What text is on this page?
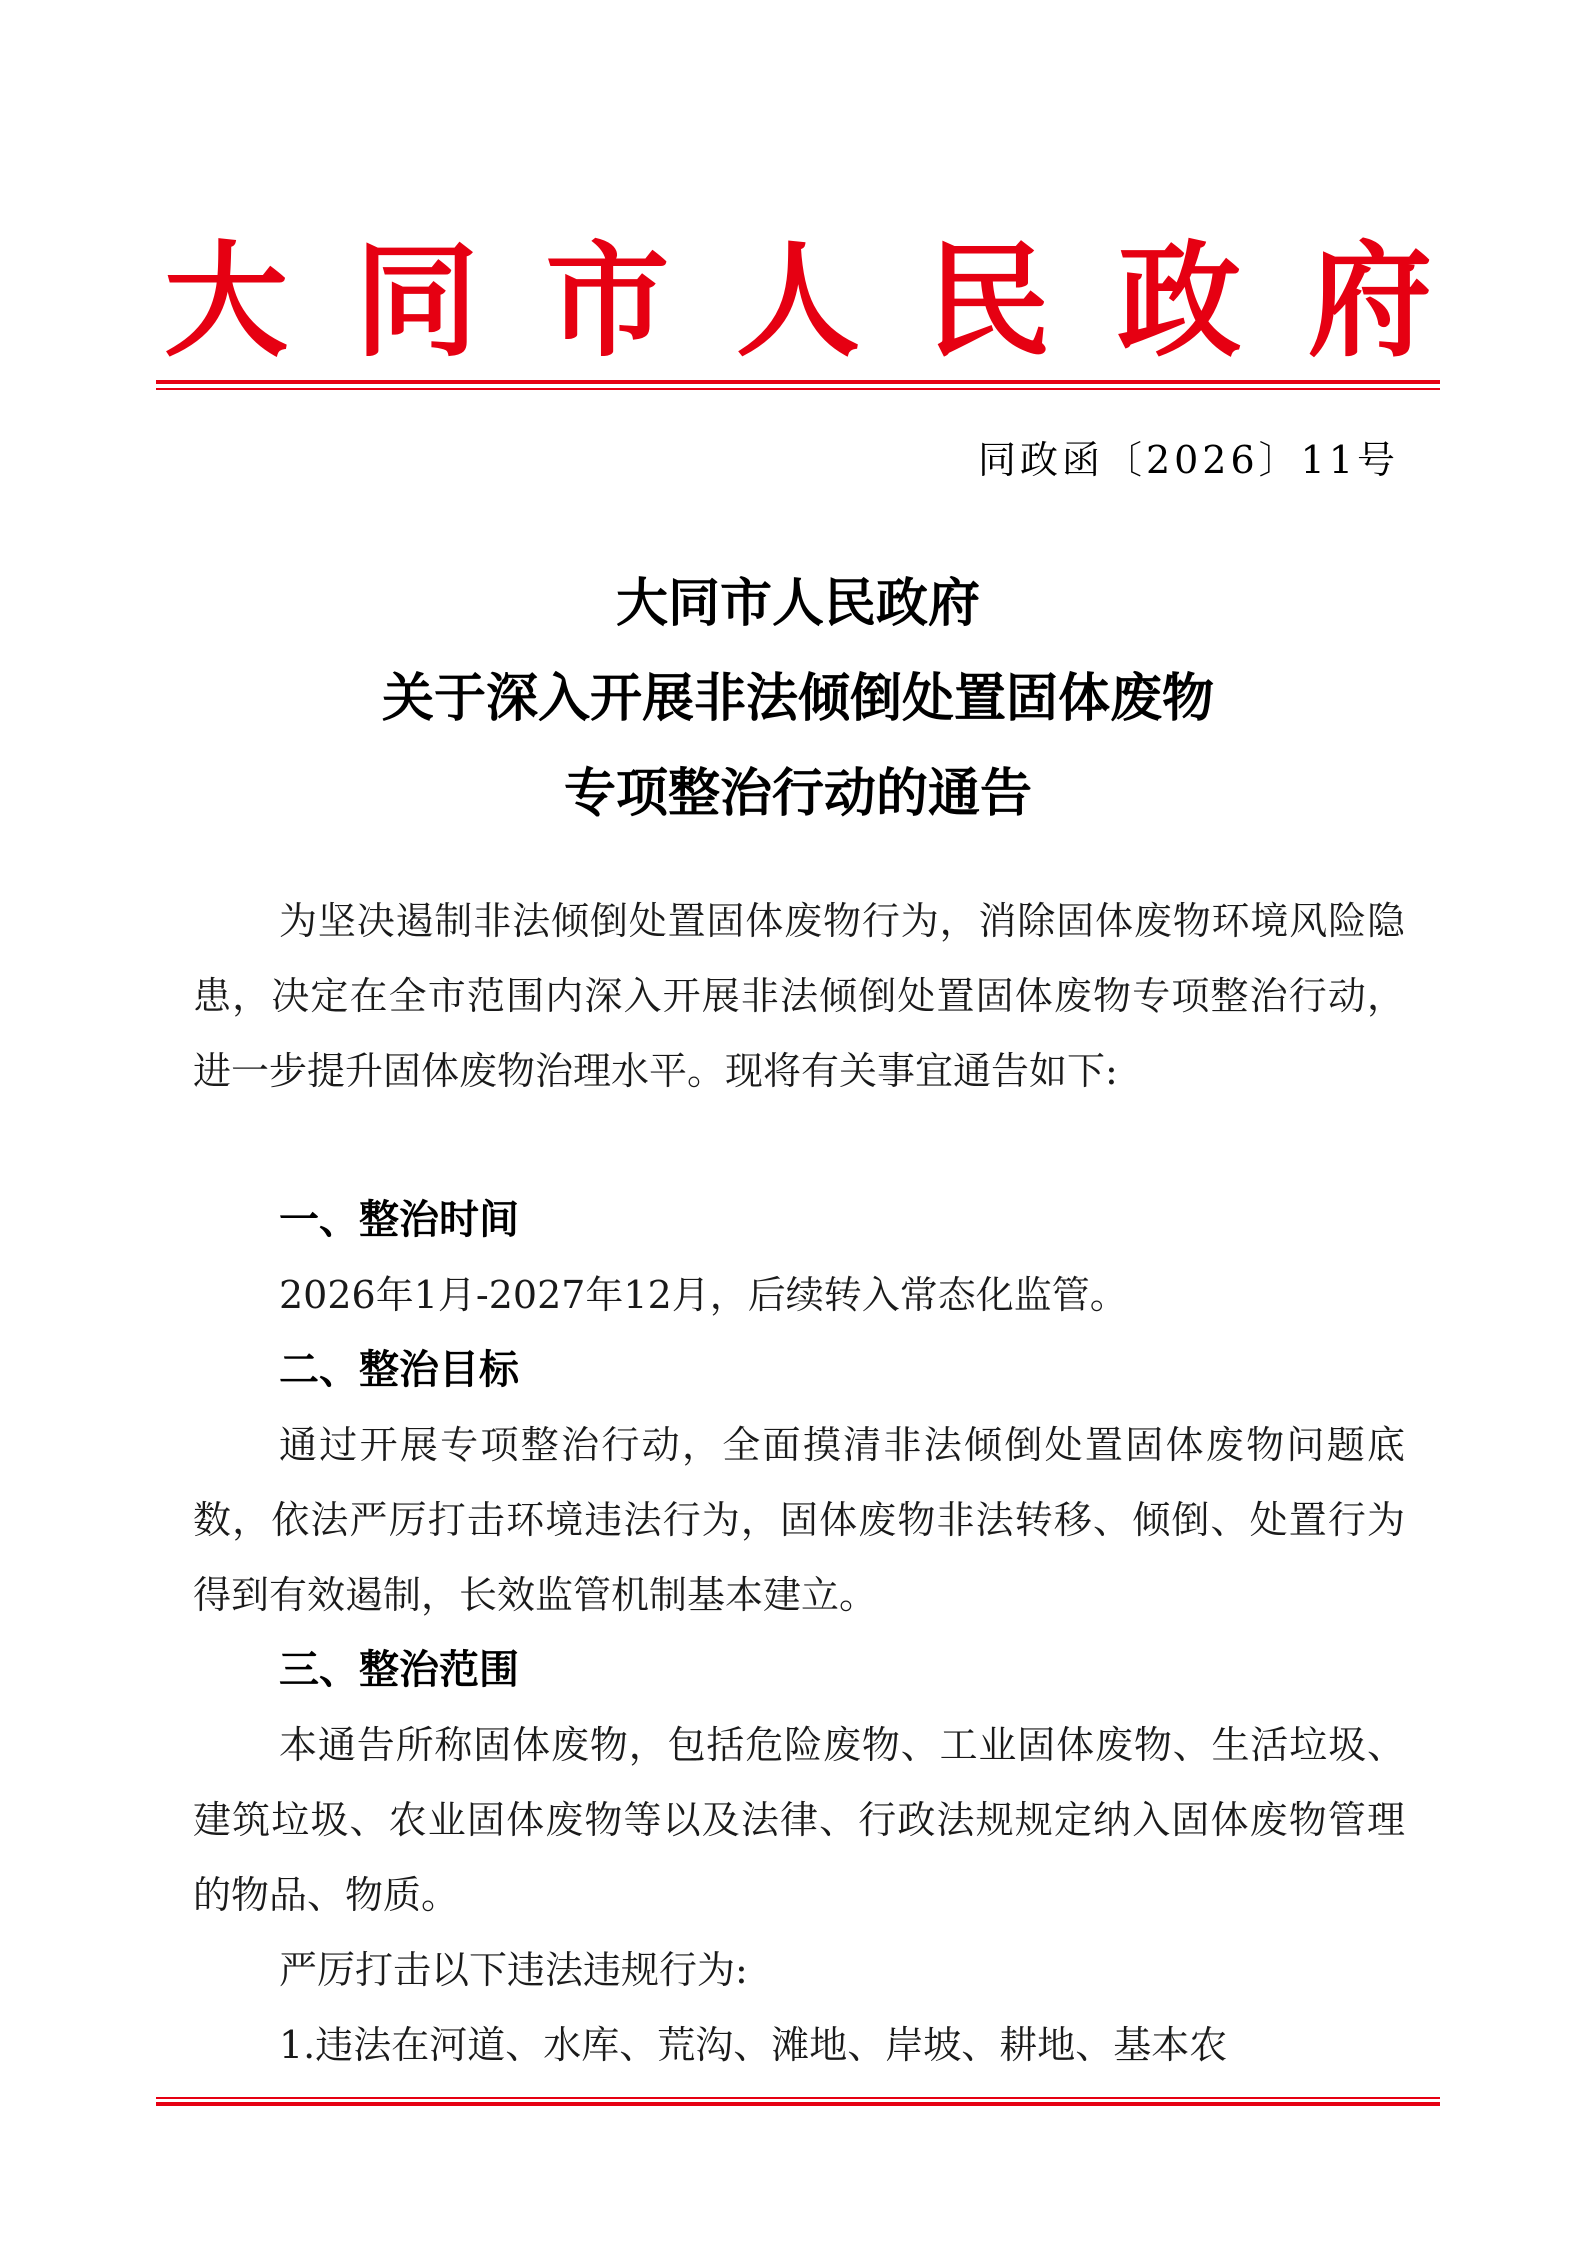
大 同 市 人 民 政 府
同政函〔2026〕11号
大同市人民政府
关于深入开展非法倾倒处置固体废物
专项整治行动的通告

为坚决遏制非法倾倒处置固体废物行为，消除固体废物环境风险隐患，决定在全市范围内深入开展非法倾倒处置固体废物专项整治行动，进一步提升固体废物治理水平。现将有关事宜通告如下:

一、整治时间

2026年1月-2027年12月，后续转入常态化监管。

二、整治目标

通过开展专项整治行动，全面摸清非法倾倒处置固体废物问题底数，依法严厉打击环境违法行为，固体废物非法转移、倾倒、处置行为得到有效遏制，长效监管机制基本建立。

三、整治范围

本通告所称固体废物，包括危险废物、工业固体废物、生活垃圾、建筑垃圾、农业固体废物等以及法律、行政法规规定纳入固体废物管理的物品、物质。

严厉打击以下违法违规行为:

1.违法在河道、水库、荒沟、滩地、岸坡、耕地、基本农
